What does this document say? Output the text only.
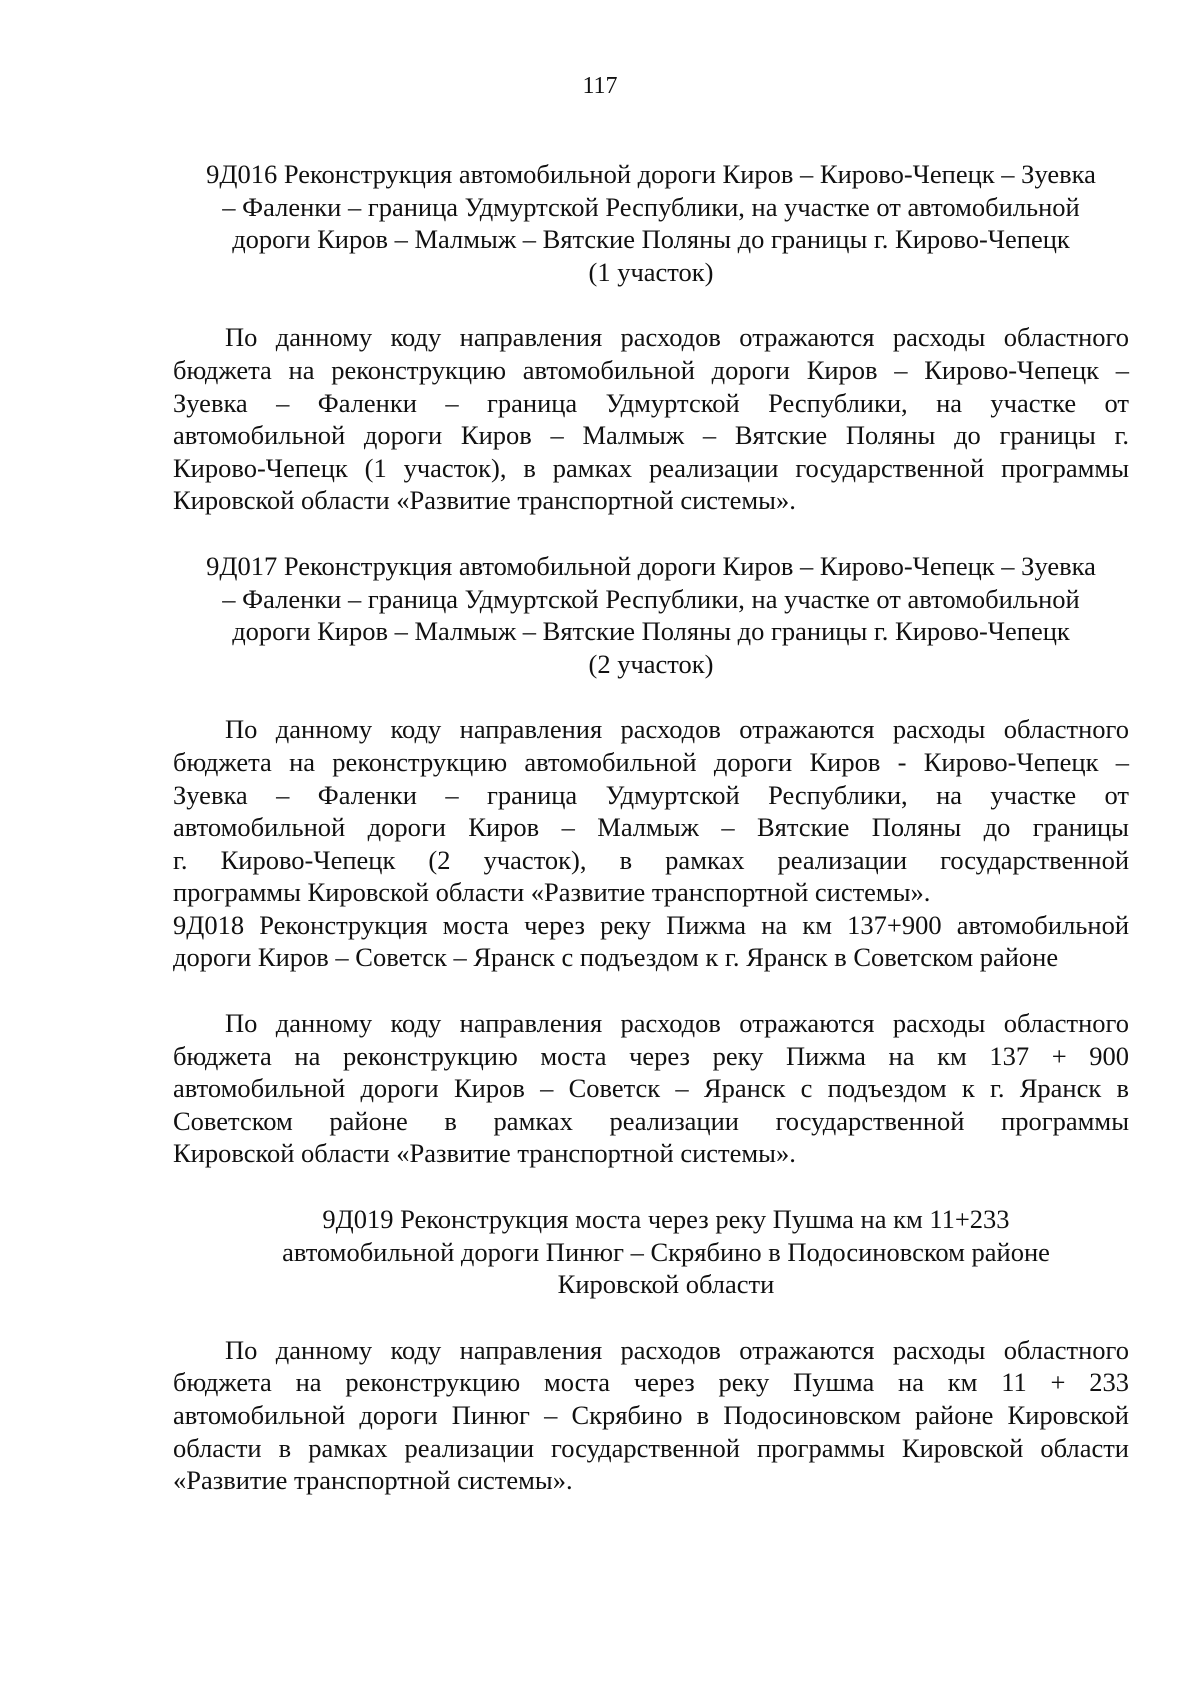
117
9Д016 Реконструкция автомобильной дороги Киров – Кирово-Чепецк – Зуевка
– Фаленки – граница Удмуртской Республики, на участке от автомобильной
дороги Киров – Малмыж – Вятские Поляны до границы г. Кирово-Чепецк
(1 участок)
По данному коду направления расходов отражаются расходы областного
бюджета на реконструкцию автомобильной дороги Киров – Кирово-Чепецк –
Зуевка – Фаленки – граница Удмуртской Республики, на участке от
автомобильной дороги Киров – Малмыж – Вятские Поляны до границы г.
Кирово-Чепецк (1 участок), в рамках реализации государственной программы
Кировской области «Развитие транспортной системы».
9Д017 Реконструкция автомобильной дороги Киров – Кирово-Чепецк – Зуевка
– Фаленки – граница Удмуртской Республики, на участке от автомобильной
дороги Киров – Малмыж – Вятские Поляны до границы г. Кирово-Чепецк
(2 участок)
По данному коду направления расходов отражаются расходы областного
бюджета на реконструкцию автомобильной дороги Киров - Кирово-Чепецк –
Зуевка – Фаленки – граница Удмуртской Республики, на участке от
автомобильной дороги Киров – Малмыж – Вятские Поляны до границы
г. Кирово-Чепецк (2 участок), в рамках реализации государственной
программы Кировской области «Развитие транспортной системы».
9Д018 Реконструкция моста через реку Пижма на км 137+900 автомобильной
дороги Киров – Советск – Яранск с подъездом к г. Яранск в Советском районе
По данному коду направления расходов отражаются расходы областного
бюджета на реконструкцию моста через реку Пижма на км 137 + 900
автомобильной дороги Киров – Советск – Яранск с подъездом к г. Яранск в
Советском районе в рамках реализации государственной программы
Кировской области «Развитие транспортной системы».
9Д019 Реконструкция моста через реку Пушма на км 11+233
автомобильной дороги Пинюг – Скрябино в Подосиновском районе
Кировской области
По данному коду направления расходов отражаются расходы областного
бюджета на реконструкцию моста через реку Пушма на км 11 + 233
автомобильной дороги Пинюг – Скрябино в Подосиновском районе Кировской
области в рамках реализации государственной программы Кировской области
«Развитие транспортной системы».
